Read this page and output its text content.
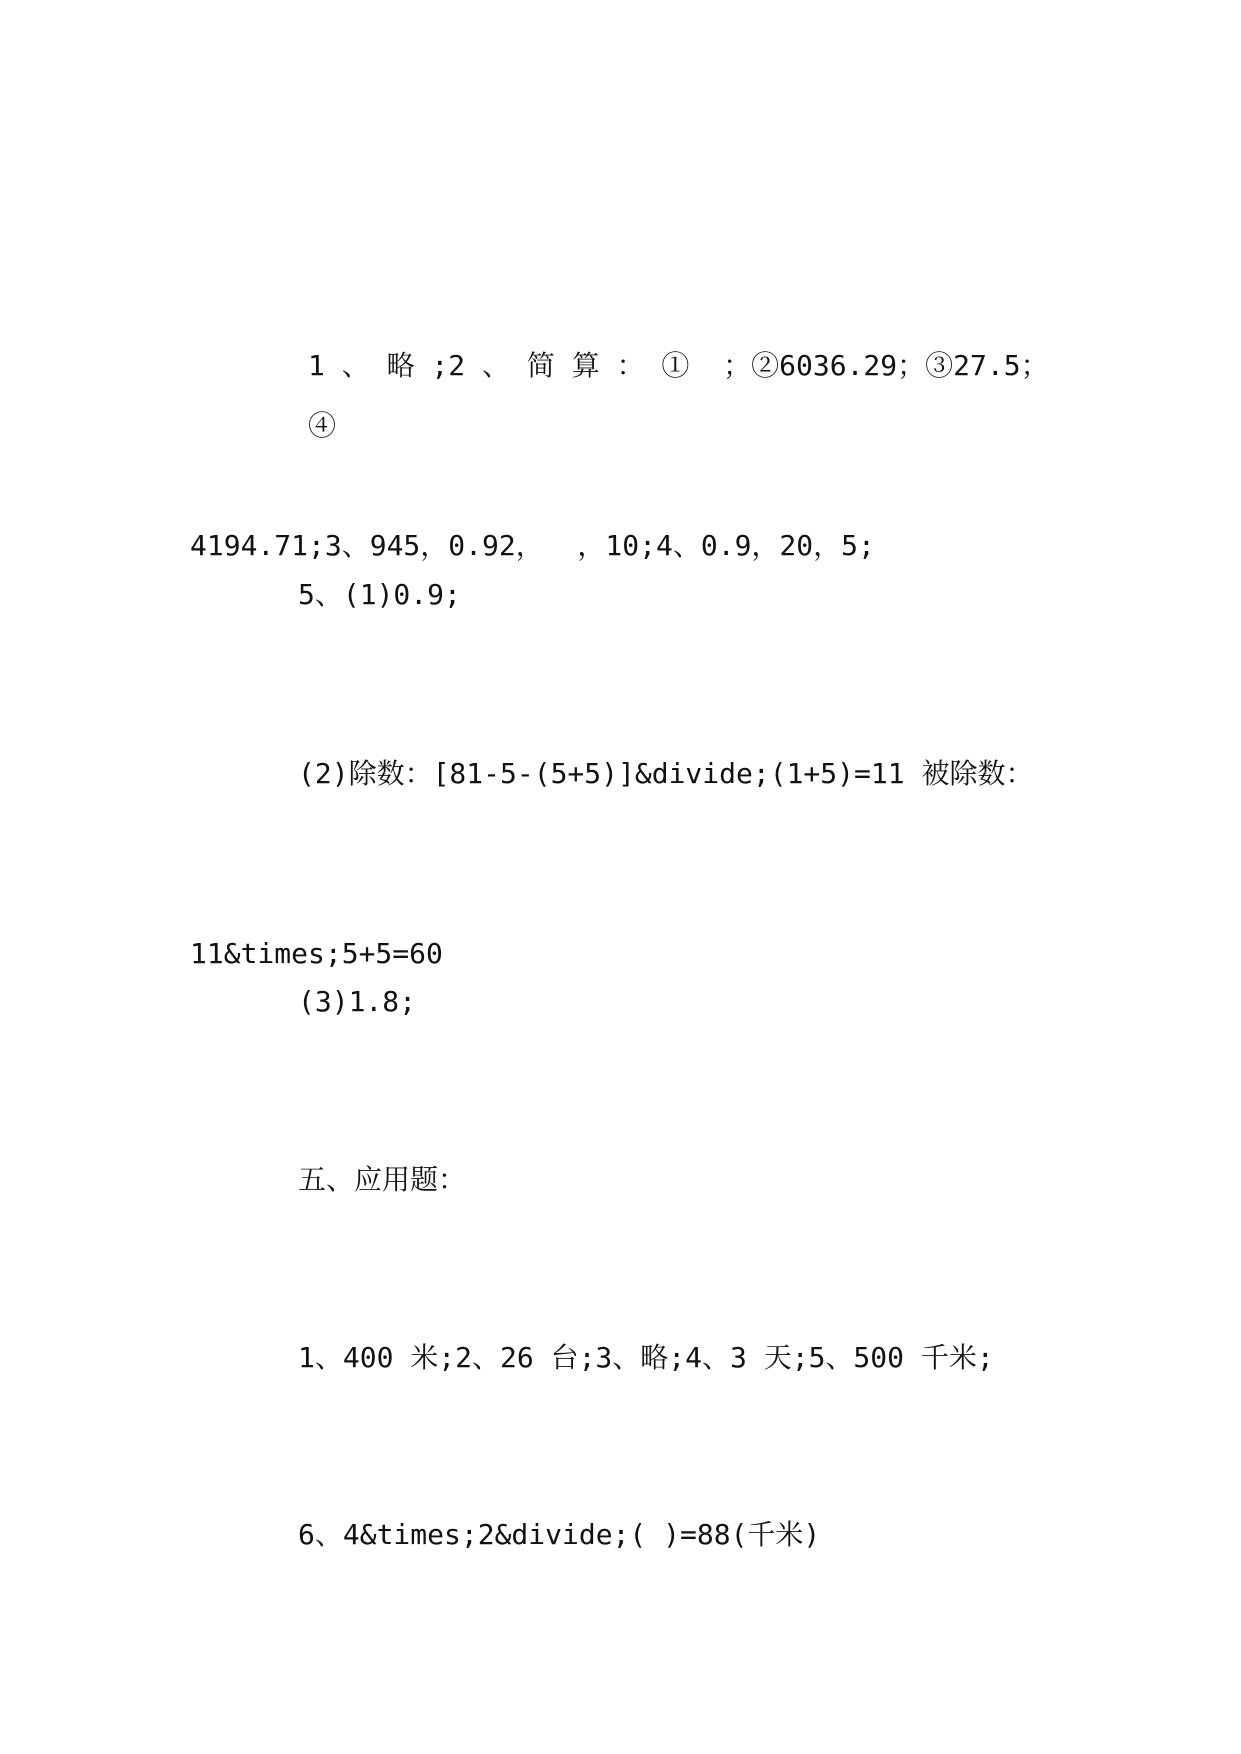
1 、 略 ;2 、 简 算 ： ①  ；②6036.29；③27.5；④

4194.71;3、945，0.92，  ，10;4、0.9，20，5;

5、(1)0.9;

(2)除数：[81-5-(5+5)]&divide;(1+5)=11 被除数：

11&times;5+5=60

(3)1.8;

五、应用题：

1、400 米;2、26 台;3、略;4、3 天;5、500 千米;

6、4&times;2&divide;( )=88(千米)
